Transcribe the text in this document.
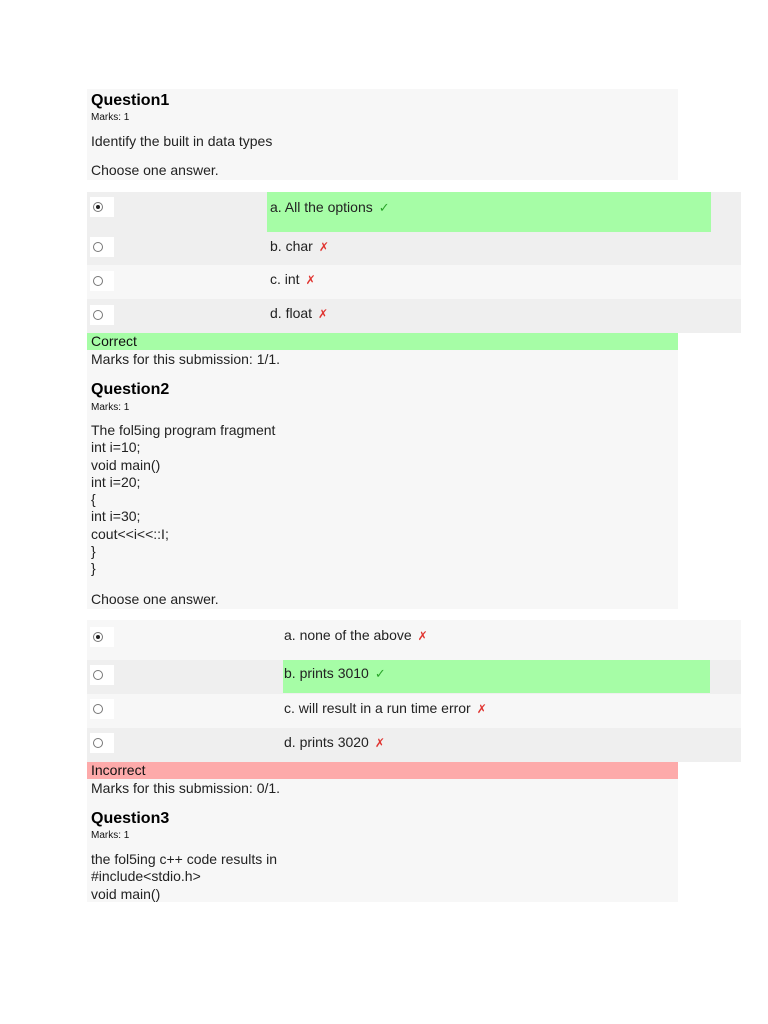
Question1
Marks: 1
Identify the built in data types
Choose one answer.
a. All the options ✓
b. char ✗
c. int ✗
d. float ✗
Correct
Marks for this submission: 1/1.
Question2
Marks: 1
The fol5ing program fragment
int i=10;
void main()
int i=20;
{
int i=30;
cout<<i<<::I;
}
}
Choose one answer.
a. none of the above ✗
b. prints 3010 ✓
c. will result in a run time error ✗
d. prints 3020 ✗
Incorrect
Marks for this submission: 0/1.
Question3
Marks: 1
the fol5ing c++ code results in
#include<stdio.h>
void main()
